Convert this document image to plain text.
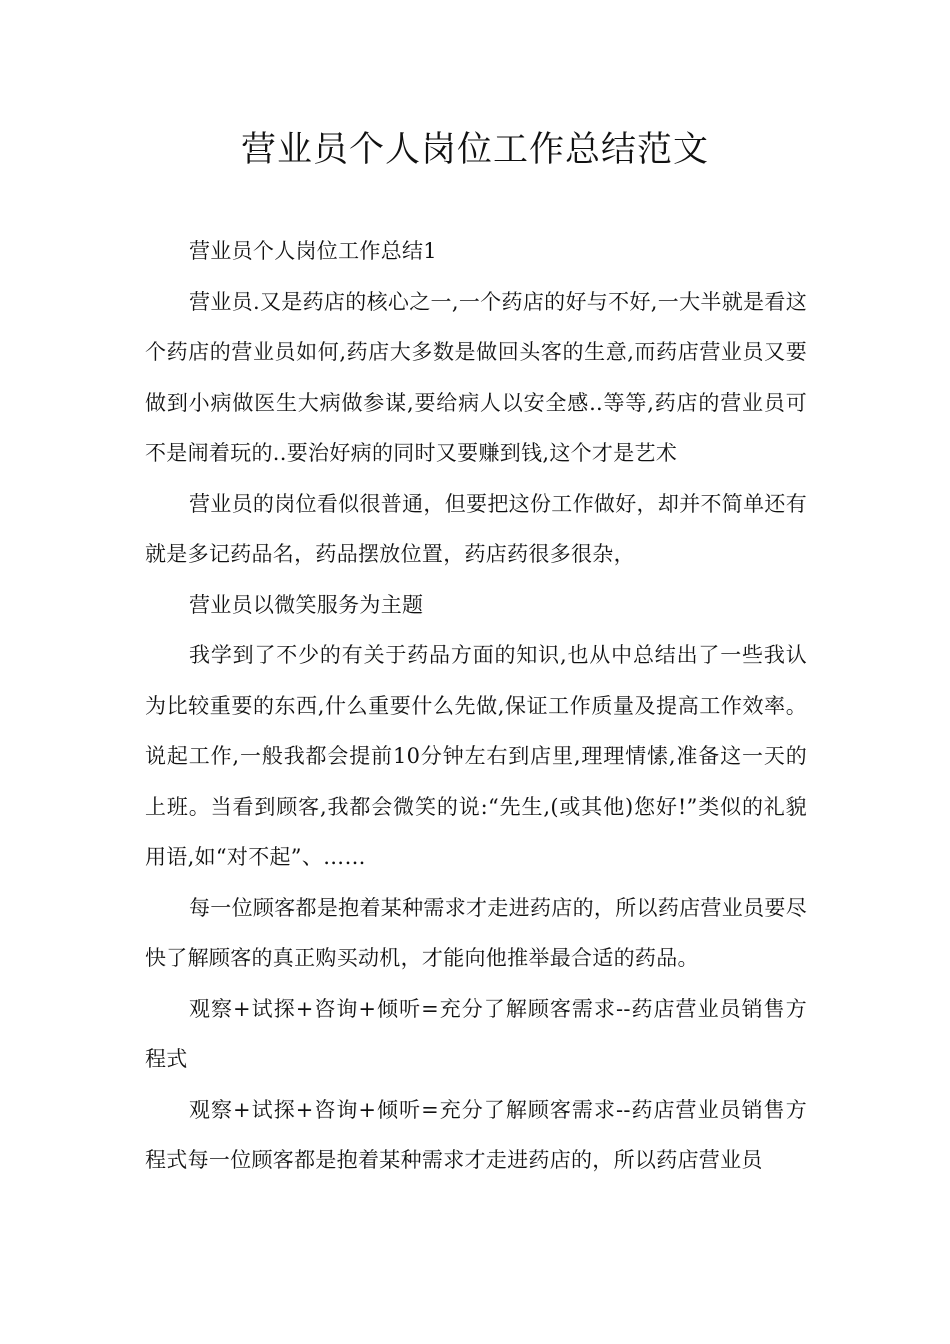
营业员个人岗位工作总结范文

营业员个人岗位工作总结1

营业员.又是药店的核心之一,一个药店的好与不好,一大半就是看这个药店的营业员如何,药店大多数是做回头客的生意,而药店营业员又要做到小病做医生大病做参谋,要给病人以安全感..等等,药店的营业员可不是闹着玩的..要治好病的同时又要赚到钱,这个才是艺术

营业员的岗位看似很普通，但要把这份工作做好，却并不简单还有就是多记药品名，药品摆放位置，药店药很多很杂，

营业员以微笑服务为主题

我学到了不少的有关于药品方面的知识,也从中总结出了一些我认为比较重要的东西,什么重要什么先做,保证工作质量及提高工作效率。说起工作,一般我都会提前10分钟左右到店里,理理情愫,准备这一天的上班。当看到顾客,我都会微笑的说:“先生,(或其他)您好!”类似的礼貌用语,如“对不起”、……

每一位顾客都是抱着某种需求才走进药店的，所以药店营业员要尽快了解顾客的真正购买动机，才能向他推举最合适的药品。

观察+试探+咨询+倾听=充分了解顾客需求--药店营业员销售方程式

观察+试探+咨询+倾听=充分了解顾客需求--药店营业员销售方程式每一位顾客都是抱着某种需求才走进药店的，所以药店营业员
